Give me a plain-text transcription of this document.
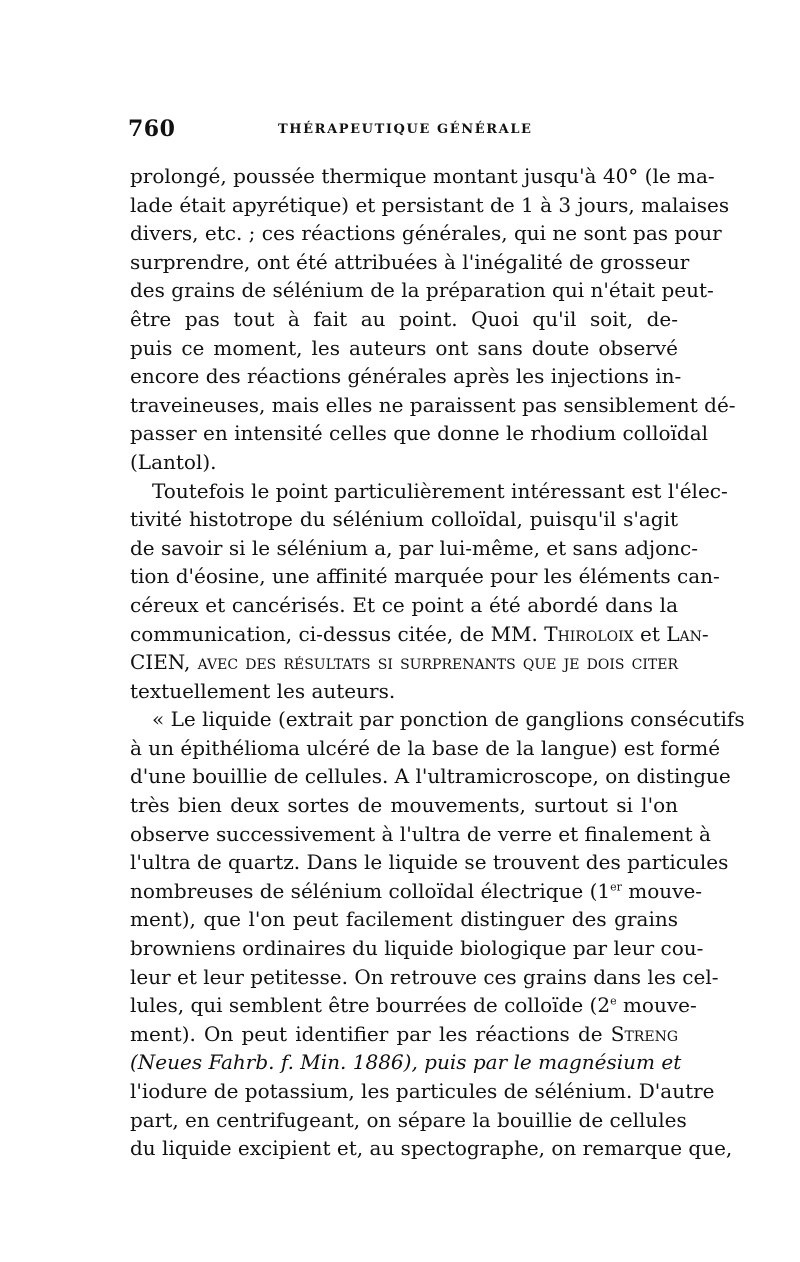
760	THÉRAPEUTIQUE GÉNÉRALE
prolongé, poussée thermique montant jusqu'à 40° (le ma-
lade était apyrétique) et persistant de 1 à 3 jours, malaises
divers, etc. ; ces réactions générales, qui ne sont pas pour
surprendre, ont été attribuées à l'inégalité de grosseur
des grains de sélénium de la préparation qui n'était peut-
être pas tout à fait au point. Quoi qu'il soit, de-
puis ce moment, les auteurs ont sans doute observé
encore des réactions générales après les injections in-
traveineuses, mais elles ne paraissent pas sensiblement dé-
passer en intensité celles que donne le rhodium colloïdal
(Lantol).
Toutefois le point particulièrement intéressant est l'élec-
tivité histotrope du sélénium colloïdal, puisqu'il s'agit
de savoir si le sélénium a, par lui-même, et sans adjonc-
tion d'éosine, une affinité marquée pour les éléments can-
céreux et cancérisés. Et ce point a été abordé dans la
communication, ci-dessus citée, de MM. Thiroloix et Lan-
CIEN, avec des résultats si surprenants que je dois citer
textuellement les auteurs.
« Le liquide (extrait par ponction de ganglions consécutifs
à un épithélioma ulcéré de la base de la langue) est formé
d'une bouillie de cellules. A l'ultramicroscope, on distingue
très bien deux sortes de mouvements, surtout si l'on
observe successivement à l'ultra de verre et finalement à
l'ultra de quartz. Dans le liquide se trouvent des particules
nombreuses de sélénium colloïdal électrique (1er mouve-
ment), que l'on peut facilement distinguer des grains
browniens ordinaires du liquide biologique par leur cou-
leur et leur petitesse. On retrouve ces grains dans les cel-
lules, qui semblent être bourrées de colloïde (2e mouve-
ment). On peut identifier par les réactions de Streng
(Neues Fahrb. f. Min. 1886), puis par le magnésium et
l'iodure de potassium, les particules de sélénium. D'autre
part, en centrifugeant, on sépare la bouillie de cellules
du liquide excipient et, au spectographe, on remarque que,
